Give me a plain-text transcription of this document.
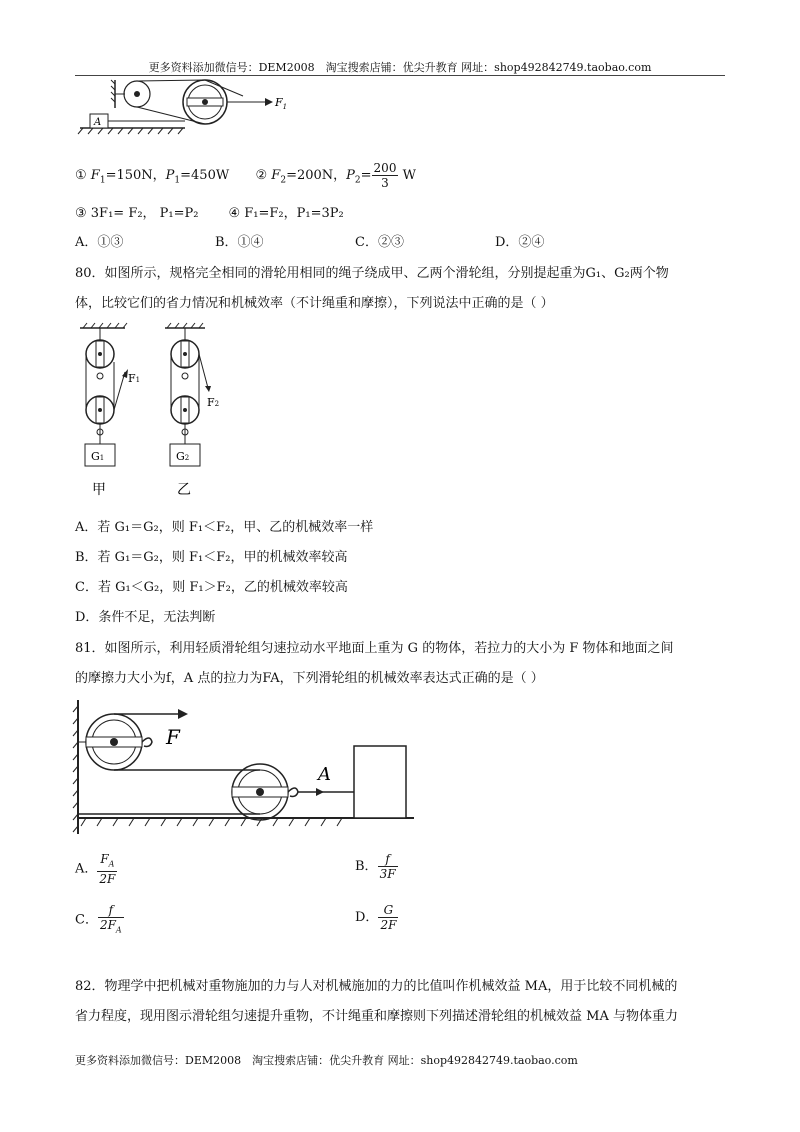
更多资料添加微信号：DEM2008　淘宝搜索店铺：优尖升教育 网址：shop492842749.taobao.com
A
$F_1$
① $F_1=150N$，$P_1=450W$ ② $F_2=200N$，$P_2= \frac{200}{3}$ W
③ 3F₁= F₂， P₁=P₂ ④ F₁=F₂，P₁=3P₂
A．①③	B．①④	C．②③	D．②④
80．如图所示，规格完全相同的滑轮用相同的绳子绕成甲、乙两个滑轮组，分别提起重为G₁、G₂两个物
体，比较它们的省力情况和机械效率（不计绳重和摩擦），下列说法中正确的是（ ）
F1
G1
F2
G2
甲	乙
A．若 G₁＝G₂，则 F₁＜F₂，甲、乙的机械效率一样
B．若 G₁＝G₂，则 F₁＜F₂，甲的机械效率较高
C．若 G₁＜G₂，则 F₁＞F₂，乙的机械效率较高
D．条件不足，无法判断
81．如图所示，利用轻质滑轮组匀速拉动水平地面上重为 G 的物体，若拉力的大小为 F 物体和地面之间
的摩擦力大小为f，A 点的拉力为FA，下列滑轮组的机械效率表达式正确的是（ ）
F
A
A． $\frac{F_A}{2F}$	B． $\frac{f}{3F}$
C． $\frac{f}{2F_A}$	D． $\frac{G}{2F}$
82．物理学中把机械对重物施加的力与人对机械施加的力的比值叫作机械效益 MA，用于比较不同机械的
省力程度，现用图示滑轮组匀速提升重物，不计绳重和摩擦则下列描述滑轮组的机械效益 MA 与物体重力
更多资料添加微信号：DEM2008　淘宝搜索店铺：优尖升教育 网址：shop492842749.taobao.com
